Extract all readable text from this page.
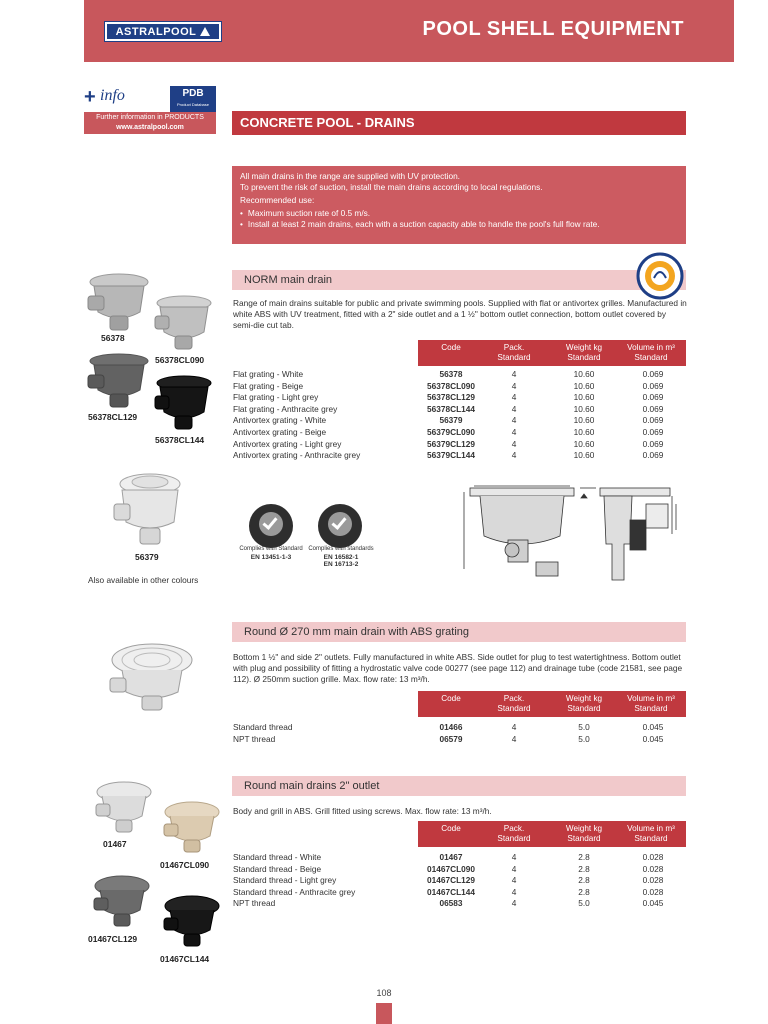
ASTRALPOOL	POOL SHELL EQUIPMENT
+ info	PDB
Product Database
Further information in PRODUCTS
www.astralpool.com	CONCRETE POOL - DRAINS

All main drains in the range are supplied with UV protection.

To prevent the risk of suction, install the main drains according to local regulations.

Recommended use:

• Maximum suction rate of 0.5 m/s.
• Install at least 2 main drains, each with a suction capacity able to handle the pool's full flow rate.
NORM main drain
Range of main drains suitable for public and private swimming pools. Supplied with flat or antivortex grilles. Manufactured in white ABS with UV treatment, fitted with a 2" side outlet and a 1 ½" bottom outlet connection, bottom outlet covered by semi-die cut tab.
Code	Pack.
Standard
Weight kg
Standard
Volume in m³
Standard
Flat grating - White	56378	4	10.60	0.069
Flat grating - Beige	56378CL090	4	10.60	0.069
Flat grating - Light grey	56378CL129	4	10.60	0.069
Flat grating - Anthracite grey	56378CL144	4	10.60	0.069
Antivortex grating - White	56379	4	10.60	0.069
Antivortex grating - Beige	56379CL090	4	10.60	0.069
Antivortex grating - Light grey	56379CL129	4	10.60	0.069
Antivortex grating - Anthracite grey	56379CL144	4	10.60	0.069
56378
56378CL090
56378CL129
56378CL144
56379
Also available in other colours
Complies with Standard
EN 13451-1-3
Complies with standards
EN 16582-1
EN 16713-2
Round Ø 270 mm main drain with ABS grating
Bottom 1 ½" and side 2" outlets. Fully manufactured in white ABS. Side outlet for plug to test watertightness. Bottom outlet with plug and possibility of fitting a hydrostatic valve code 00277 (see page 112) and drainage tube (code 21581, see page 112). Ø 250mm suction grille. Max. flow rate: 13 m³/h.
Code	Pack.
Standard
Weight kg
Standard
Volume in m³
Standard
Standard thread	01466	4	5.0	0.045
NPT thread	06579	4	5.0	0.045
Round main drains 2" outlet
Body and grill in ABS. Grill fitted using screws. Max. flow rate: 13 m³/h.
Code	Pack.
Standard
Weight kg
Standard
Volume in m³
Standard
Standard thread - White	01467	4	2.8	0.028
Standard thread - Beige	01467CL090	4	2.8	0.028
Standard thread - Light grey	01467CL129	4	2.8	0.028
Standard thread - Anthracite grey	01467CL144	4	2.8	0.028
NPT thread	06583	4	5.0	0.045
01467
01467CL090
01467CL129
01467CL144
108
